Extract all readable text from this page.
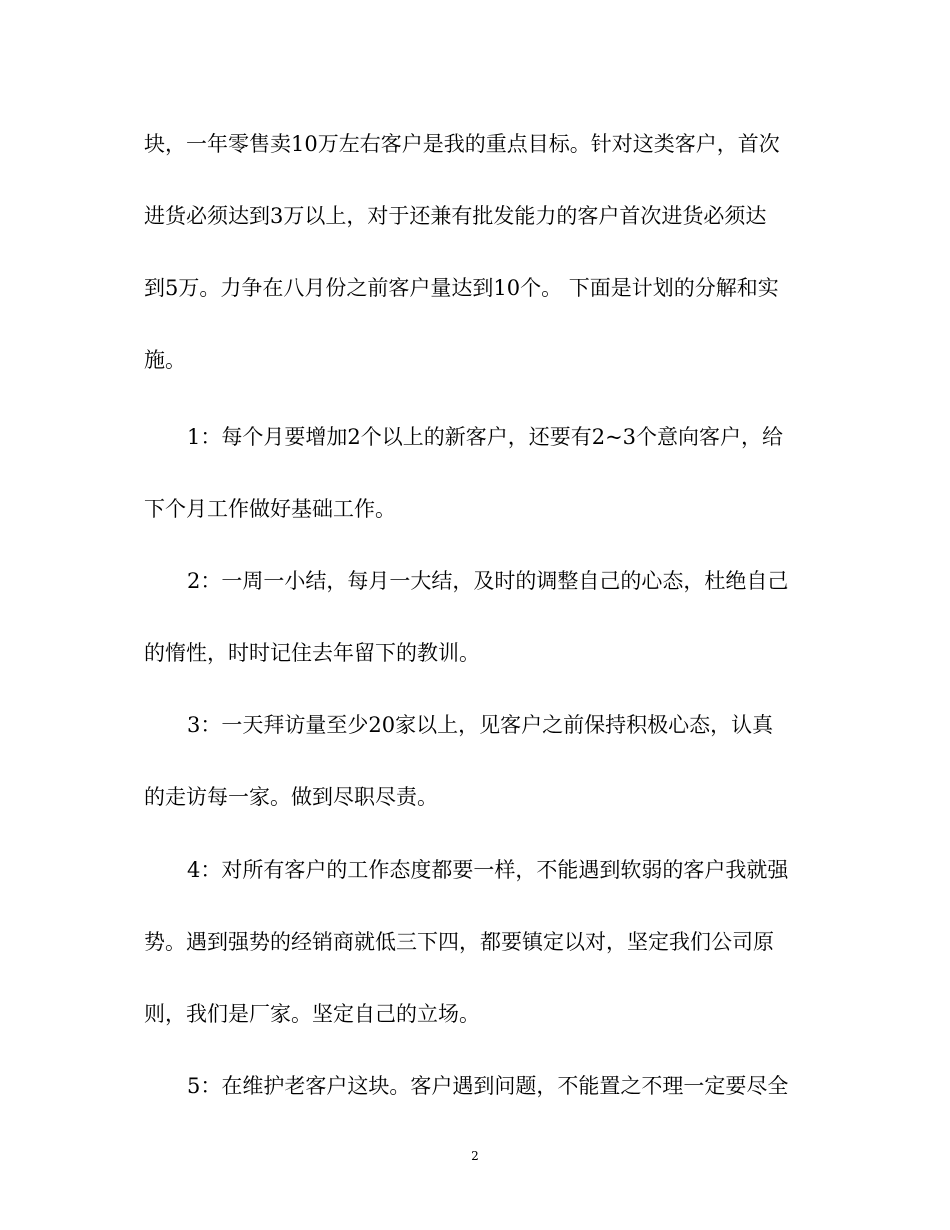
块，一年零售卖10万左右客户是我的重点目标。针对这类客户，首次
进货必须达到3万以上，对于还兼有批发能力的客户首次进货必须达
到5万。力争在八月份之前客户量达到10个。 下面是计划的分解和实
施。
1：每个月要增加2个以上的新客户，还要有2~3个意向客户，给
下个月工作做好基础工作。
2：一周一小结，每月一大结，及时的调整自己的心态，杜绝自己
的惰性，时时记住去年留下的教训。
3：一天拜访量至少20家以上，见客户之前保持积极心态，认真
的走访每一家。做到尽职尽责。
4：对所有客户的工作态度都要一样，不能遇到软弱的客户我就强
势。遇到强势的经销商就低三下四，都要镇定以对，坚定我们公司原
则，我们是厂家。坚定自己的立场。
5：在维护老客户这块。客户遇到问题，不能置之不理一定要尽全
2
